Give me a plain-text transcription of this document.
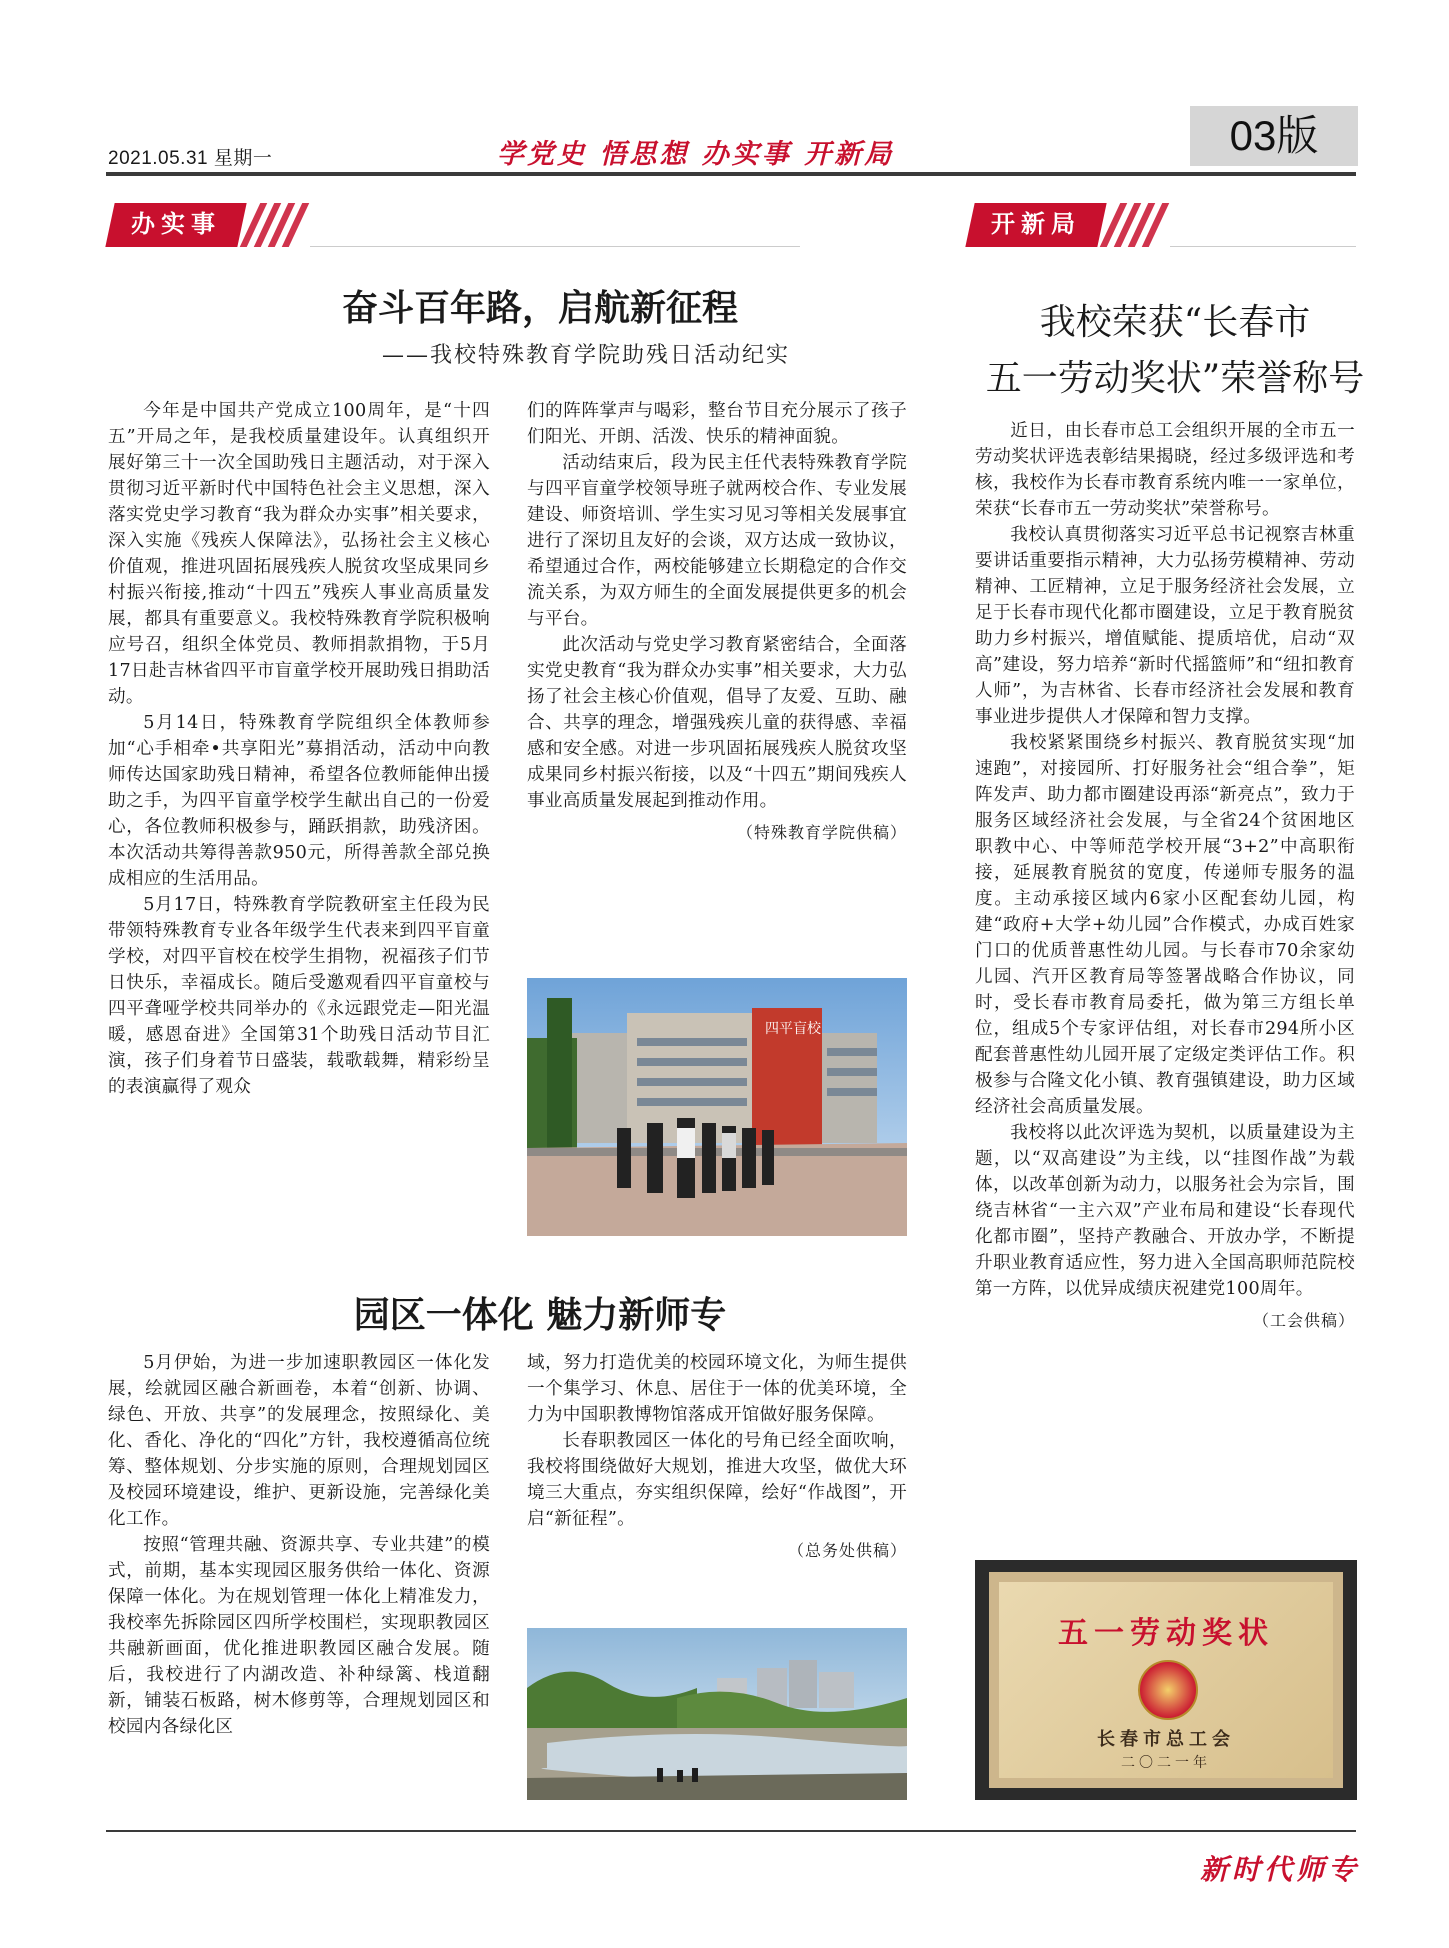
2021.05.31 星期一	学党史 悟思想 办实事 开新局	03版
办实事	开新局
奋斗百年路，启航新征程
——我校特殊教育学院助残日活动纪实

今年是中国共产党成立100周年，是“十四五”开局之年，是我校质量建设年。认真组织开展好第三十一次全国助残日主题活动，对于深入贯彻习近平新时代中国特色社会主义思想，深入落实党史学习教育“我为群众办实事”相关要求，深入实施《残疾人保障法》，弘扬社会主义核心价值观，推进巩固拓展残疾人脱贫攻坚成果同乡村振兴衔接,推动“十四五”残疾人事业高质量发展，都具有重要意义。我校特殊教育学院积极响应号召，组织全体党员、教师捐款捐物，于5月17日赴吉林省四平市盲童学校开展助残日捐助活动。

5月14日，特殊教育学院组织全体教师参加“心手相牵•共享阳光”募捐活动，活动中向教师传达国家助残日精神，希望各位教师能伸出援助之手，为四平盲童学校学生献出自己的一份爱心，各位教师积极参与，踊跃捐款，助残济困。本次活动共筹得善款950元，所得善款全部兑换成相应的生活用品。

5月17日，特殊教育学院教研室主任段为民带领特殊教育专业各年级学生代表来到四平盲童学校，对四平盲校在校学生捐物，祝福孩子们节日快乐，幸福成长。随后受邀观看四平盲童校与四平聋哑学校共同举办的《永远跟党走—阳光温暖，感恩奋进》全国第31个助残日活动节目汇演，孩子们身着节日盛装，载歌载舞，精彩纷呈的表演赢得了观众

们的阵阵掌声与喝彩，整台节目充分展示了孩子们阳光、开朗、活泼、快乐的精神面貌。

活动结束后，段为民主任代表特殊教育学院与四平盲童学校领导班子就两校合作、专业发展建设、师资培训、学生实习见习等相关发展事宜进行了深切且友好的会谈，双方达成一致协议，希望通过合作，两校能够建立长期稳定的合作交流关系，为双方师生的全面发展提供更多的机会与平台。

此次活动与党史学习教育紧密结合，全面落实党史教育“我为群众办实事”相关要求，大力弘扬了社会主核心价值观，倡导了友爱、互助、融合、共享的理念，增强残疾儿童的获得感、幸福感和安全感。对进一步巩固拓展残疾人脱贫攻坚成果同乡村振兴衔接，以及“十四五”期间残疾人事业高质量发展起到推动作用。

（特殊教育学院供稿）
四平盲校
园区一体化 魅力新师专

5月伊始，为进一步加速职教园区一体化发展，绘就园区融合新画卷，本着“创新、协调、绿色、开放、共享”的发展理念，按照绿化、美化、香化、净化的“四化”方针，我校遵循高位统筹、整体规划、分步实施的原则，合理规划园区及校园环境建设，维护、更新设施，完善绿化美化工作。

按照“管理共融、资源共享、专业共建”的模式，前期，基本实现园区服务供给一体化、资源保障一体化。为在规划管理一体化上精准发力，我校率先拆除园区四所学校围栏，实现职教园区共融新画面，优化推进职教园区融合发展。随后，我校进行了内湖改造、补种绿篱、栈道翻新，铺装石板路，树木修剪等，合理规划园区和校园内各绿化区

域，努力打造优美的校园环境文化，为师生提供一个集学习、休息、居住于一体的优美环境，全力为中国职教博物馆落成开馆做好服务保障。

长春职教园区一体化的号角已经全面吹响，我校将围绕做好大规划，推进大攻坚，做优大环境三大重点，夯实组织保障，绘好“作战图”，开启“新征程”。

（总务处供稿）
我校荣获“长春市
五一劳动奖状”荣誉称号

近日，由长春市总工会组织开展的全市五一劳动奖状评选表彰结果揭晓，经过多级评选和考核，我校作为长春市教育系统内唯一一家单位，荣获“长春市五一劳动奖状”荣誉称号。

我校认真贯彻落实习近平总书记视察吉林重要讲话重要指示精神，大力弘扬劳模精神、劳动精神、工匠精神，立足于服务经济社会发展，立足于长春市现代化都市圈建设，立足于教育脱贫助力乡村振兴，增值赋能、提质培优，启动“双高”建设，努力培养“新时代摇篮师”和“纽扣教育人师”，为吉林省、长春市经济社会发展和教育事业进步提供人才保障和智力支撑。

我校紧紧围绕乡村振兴、教育脱贫实现“加速跑”，对接园所、打好服务社会“组合拳”，矩阵发声、助力都市圈建设再添“新亮点”，致力于服务区域经济社会发展，与全省24个贫困地区职教中心、中等师范学校开展“3+2”中高职衔接，延展教育脱贫的宽度，传递师专服务的温度。主动承接区域内6家小区配套幼儿园，构建“政府+大学+幼儿园”合作模式，办成百姓家门口的优质普惠性幼儿园。与长春市70余家幼儿园、汽开区教育局等签署战略合作协议，同时，受长春市教育局委托，做为第三方组长单位，组成5个专家评估组，对长春市294所小区配套普惠性幼儿园开展了定级定类评估工作。积极参与合隆文化小镇、教育强镇建设，助力区域经济社会高质量发展。

我校将以此次评选为契机，以质量建设为主题，以“双高建设”为主线，以“挂图作战”为载体，以改革创新为动力，以服务社会为宗旨，围绕吉林省“一主六双”产业布局和建设“长春现代化都市圈”，坚持产教融合、开放办学，不断提升职业教育适应性，努力进入全国高职师范院校第一方阵，以优异成绩庆祝建党100周年。

（工会供稿）
五一劳动奖状
长春市总工会
二〇二一年
新时代师专
